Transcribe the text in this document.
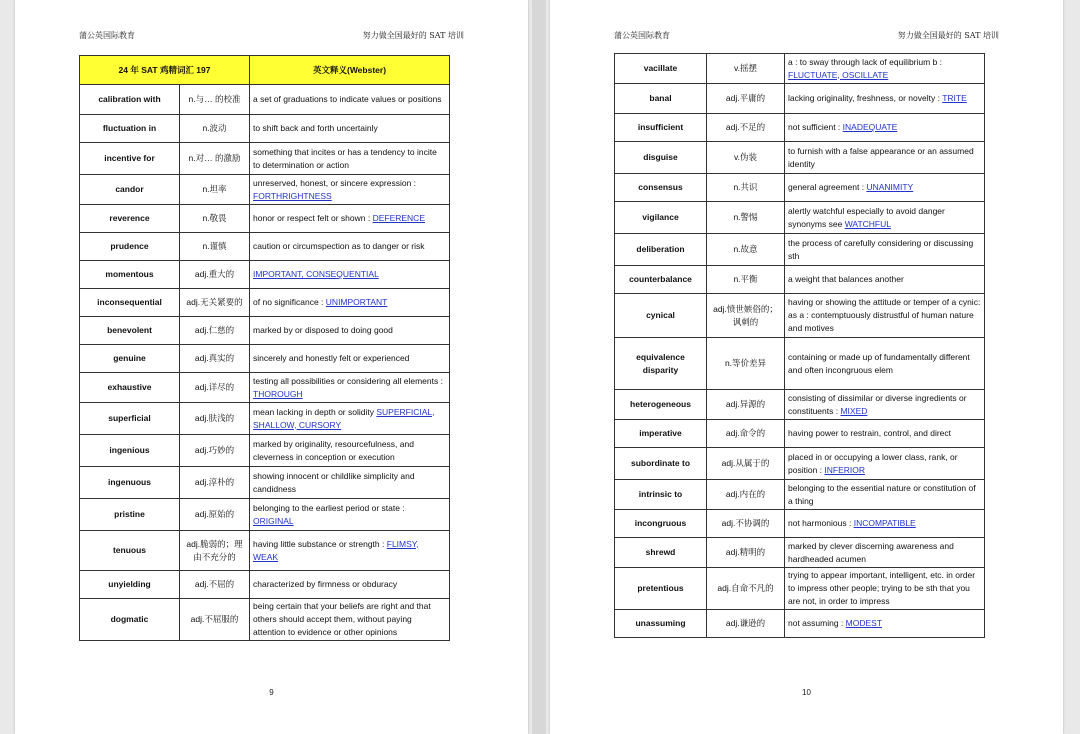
蒲公英国际教育	努力做全国最好的 SAT 培训
24 年 SAT 鸡精词汇 197		英文释义(Webster)
calibration with	n.与… 的校准	a set of graduations to indicate values or positions
fluctuation in	n.波动	to shift back and forth uncertainly
incentive for	n.对… 的激励	something that incites or has a tendency to incite to determination or action
candor	n.坦率	unreserved, honest, or sincere expression : FORTHRIGHTNESS
reverence	n.敬畏	honor or respect felt or shown : DEFERENCE
prudence	n.谨慎	caution or circumspection as to danger or risk
momentous	adj.重大的	IMPORTANT, CONSEQUENTIAL
inconsequential	adj.无关紧要的	of no significance : UNIMPORTANT
benevolent	adj.仁慈的	marked by or disposed to doing good
genuine	adj.真实的	sincerely and honestly felt or experienced
exhaustive	adj.详尽的	testing all possibilities or considering all elements : THOROUGH
superficial	adj.肤浅的	mean lacking in depth or solidity SUPERFICIAL, SHALLOW, CURSORY
ingenious	adj.巧妙的	marked by originality, resourcefulness, and cleverness in conception or execution
ingenuous	adj.淳朴的	showing innocent or childlike simplicity and candidness
pristine	adj.原始的	belonging to the earliest period or state : ORIGINAL
tenuous	adj.脆弱的；理由不充分的	having little substance or strength : FLIMSY, WEAK
unyielding	adj.不屈的	characterized by firmness or obduracy
dogmatic	adj.不屈服的	being certain that your beliefs are right and that others should accept them, without paying attention to evidence or other opinions
9
蒲公英国际教育	努力做全国最好的 SAT 培训
vacillate	v.摇摆	a : to sway through lack of equilibrium b : FLUCTUATE, OSCILLATE
banal	adj.平庸的	lacking originality, freshness, or novelty : TRITE
insufficient	adj.不足的	not sufficient : INADEQUATE
disguise	v.伪装	to furnish with a false appearance or an assumed identity
consensus	n.共识	general agreement : UNANIMITY
vigilance	n.警惕	alertly watchful especially to avoid danger synonyms see WATCHFUL
deliberation	n.故意	the process of carefully considering or discussing sth
counterbalance	n.平衡	a weight that balances another
cynical	adj.愤世嫉俗的；讽刺的	having or showing the attitude or temper of a cynic: as a : contemptuously distrustful of human nature and motives
equivalence disparity	n.等价差异	containing or made up of fundamentally different and often incongruous elem
heterogeneous	adj.异源的	consisting of dissimilar or diverse ingredients or constituents : MIXED
imperative	adj.命令的	having power to restrain, control, and direct
subordinate to	adj.从属于的	placed in or occupying a lower class, rank, or position : INFERIOR
intrinsic to	adj.内在的	belonging to the essential nature or constitution of a thing
incongruous	adj.不协调的	not harmonious : INCOMPATIBLE
shrewd	adj.精明的	marked by clever discerning awareness and hardheaded acumen
pretentious	adj.自命不凡的	trying to appear important, intelligent, etc. in order to impress other people; trying to be sth that you are not, in order to impress
unassuming	adj.谦逊的	not assuming : MODEST
10
